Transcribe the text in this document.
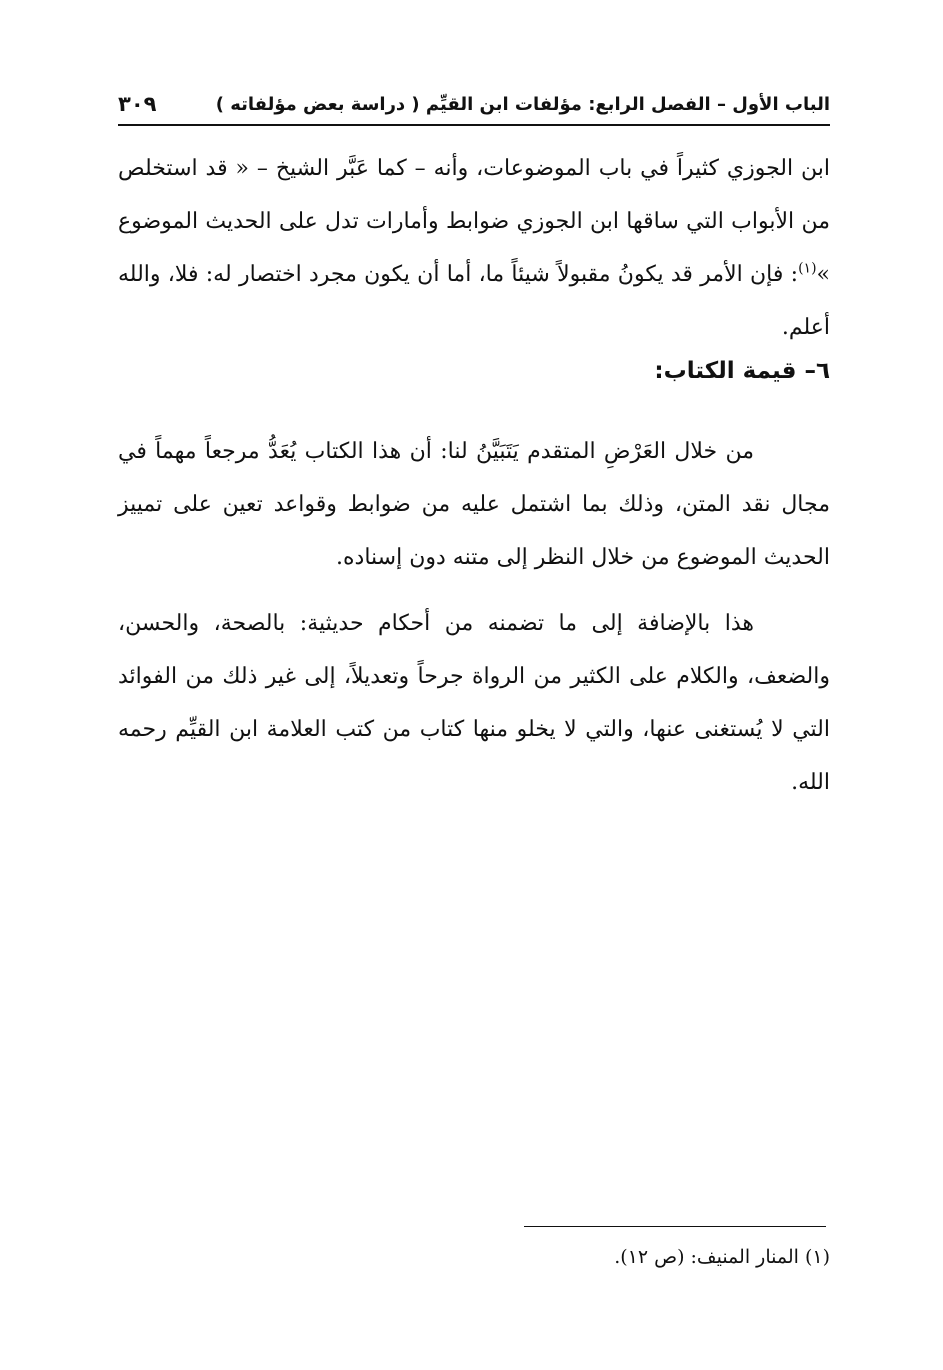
الباب الأول – الفصل الرابع: مؤلفات ابن القيِّم ( دراسة بعض مؤلفاته )
٣٠٩

ابن الجوزي كثيراً في باب الموضوعات، وأنه – كما عَبَّر الشيخ – « قد استخلص من الأبواب التي ساقها ابن الجوزي ضوابط وأمارات تدل على الحديث الموضوع »$^{(١)}$: فإن الأمر قد يكونُ مقبولاً شيئاً ما، أما أن يكون مجرد اختصار له: فلا، والله أعلم.

٦– قيمة الكتاب:

من خلال العَرْضِ المتقدم يَتَبَيَّنُ لنا: أن هذا الكتاب يُعَدُّ مرجعاً مهماً في مجال نقد المتن، وذلك بما اشتمل عليه من ضوابط وقواعد تعين على تمييز الحديث الموضوع من خلال النظر إلى متنه دون إسناده.

هذا بالإضافة إلى ما تضمنه من أحكام حديثية: بالصحة، والحسن، والضعف، والكلام على الكثير من الرواة جرحاً وتعديلاً، إلى غير ذلك من الفوائد التي لا يُستغنى عنها، والتي لا يخلو منها كتاب من كتب العلامة ابن القيِّم رحمه الله.

(١) المنار المنيف: (ص ١٢).
